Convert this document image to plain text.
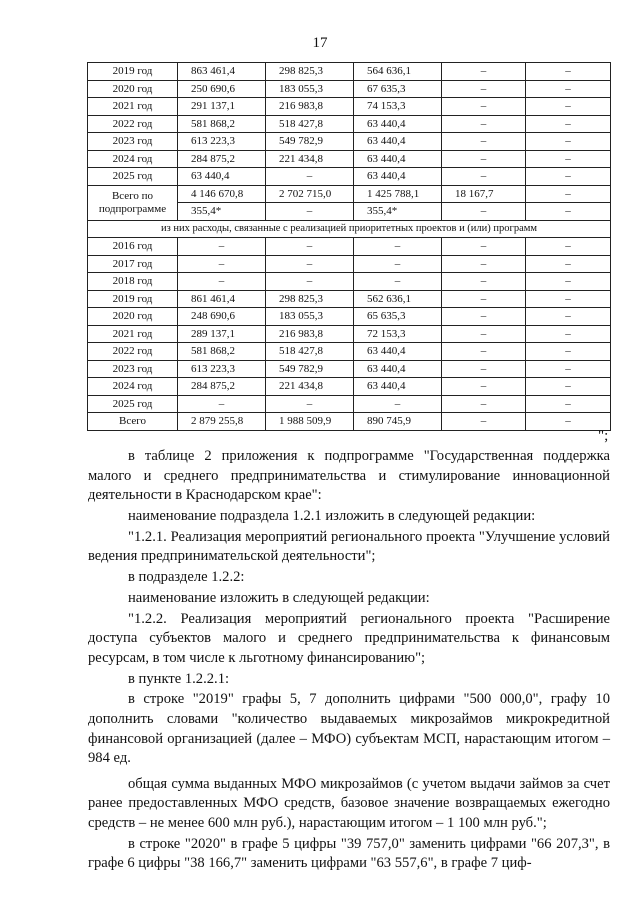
17
2019 год	863 461,4	298 825,3	564 636,1	–	–
2020 год	250 690,6	183 055,3	67 635,3	–	–
2021 год	291 137,1	216 983,8	74 153,3	–	–
2022 год	581 868,2	518 427,8	63 440,4	–	–
2023 год	613 223,3	549 782,9	63 440,4	–	–
2024 год	284 875,2	221 434,8	63 440,4	–	–
2025 год	63 440,4	–	63 440,4	–	–
Всего по подпрограмме	4 146 670,8	2 702 715,0	1 425 788,1	18 167,7	–
	355,4*	–	355,4*	–	–
из них расходы, связанные с реализацией приоритетных проектов и (или) программ					
2016 год	–	–	–	–	–
2017 год	–	–	–	–	–
2018 год	–	–	–	–	–
2019 год	861 461,4	298 825,3	562 636,1	–	–
2020 год	248 690,6	183 055,3	65 635,3	–	–
2021 год	289 137,1	216 983,8	72 153,3	–	–
2022 год	581 868,2	518 427,8	63 440,4	–	–
2023 год	613 223,3	549 782,9	63 440,4	–	–
2024 год	284 875,2	221 434,8	63 440,4	–	–
2025 год	–	–	–	–	–
Всего	2 879 255,8	1 988 509,9	890 745,9	–	–
";

в таблице 2 приложения к подпрограмме "Государственная поддержка малого и среднего предпринимательства и стимулирование инновационной деятельности в Краснодарском крае":

наименование подраздела 1.2.1 изложить в следующей редакции:

"1.2.1. Реализация мероприятий регионального проекта "Улучшение условий ведения предпринимательской деятельности";

в подразделе 1.2.2:

наименование изложить в следующей редакции:

"1.2.2. Реализация мероприятий регионального проекта "Расширение доступа субъектов малого и среднего предпринимательства к финансовым ресурсам, в том числе к льготному финансированию";

в пункте 1.2.2.1:

в строке "2019" графы 5, 7 дополнить цифрами "500 000,0", графу 10 дополнить словами "количество выдаваемых микрозаймов микрокредитной финансовой организацией (далее – МФО) субъектам МСП, нарастающим итогом – 984 ед.

общая сумма выданных МФО микрозаймов (с учетом выдачи займов за счет ранее предоставленных МФО средств, базовое значение возвращаемых ежегодно средств – не менее 600 млн руб.), нарастающим итогом – 1 100 млн руб.";

в строке "2020" в графе 5 цифры "39 757,0" заменить цифрами "66 207,3", в графе 6 цифры "38 166,7" заменить цифрами "63 557,6", в графе 7 циф-
